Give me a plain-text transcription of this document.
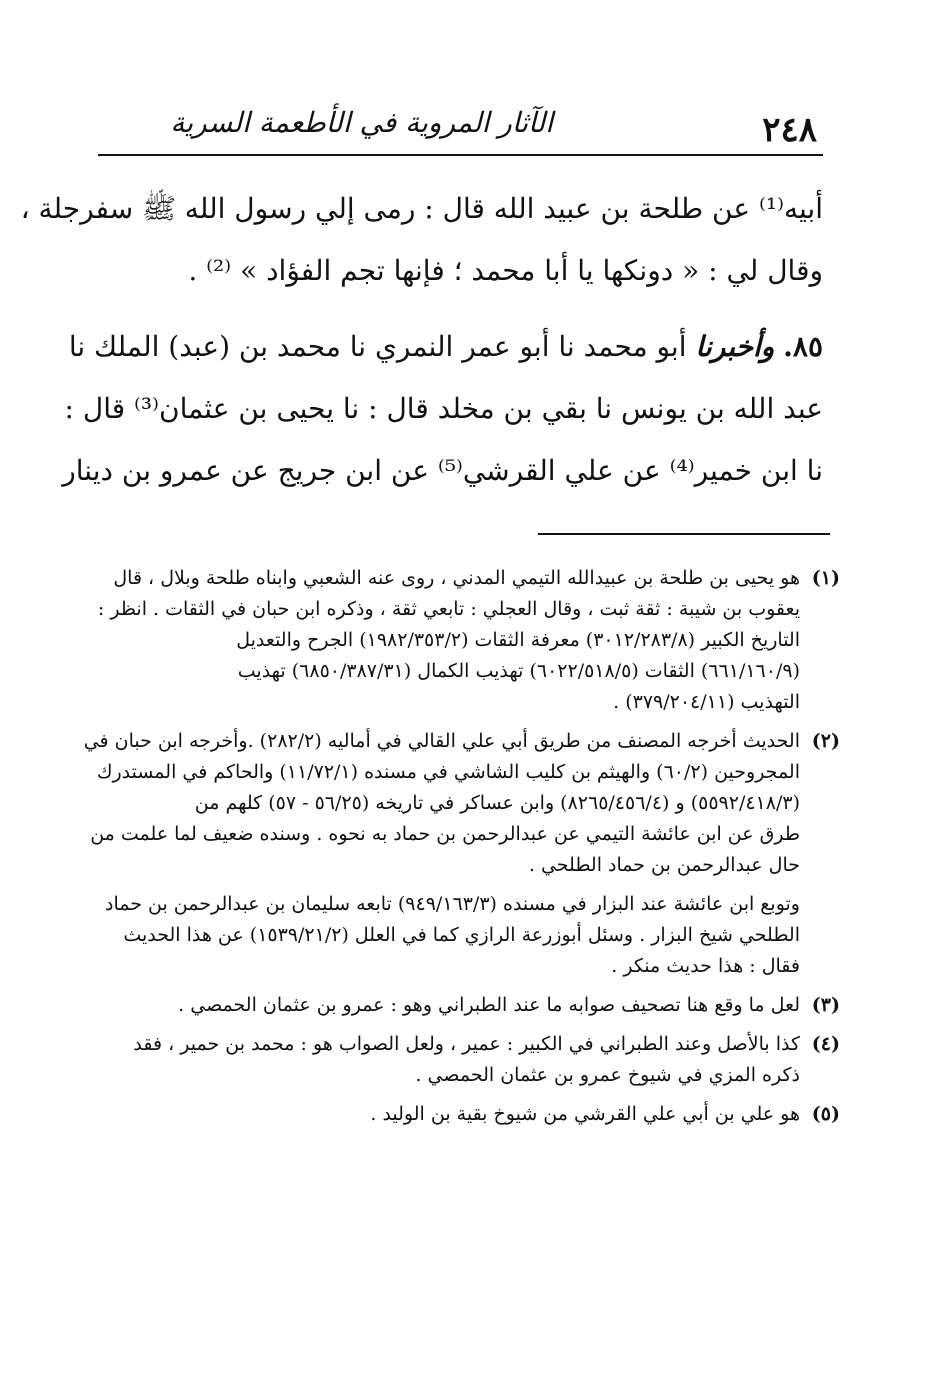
٢٤٨
الآثار المروية في الأطعمة السرية
أبيه⁽¹⁾ عن طلحة بن عبيد الله قال : رمى إلي رسول الله ﷺ سفرجلة ،
وقال لي : « دونكها يا أبا محمد ؛ فإنها تجم الفؤاد » ⁽²⁾ .
٨٥. وأخبرنا أبو محمد نا أبو عمر النمري نا محمد بن (عبد) الملك نا
عبد الله بن يونس نا بقي بن مخلد قال : نا يحيى بن عثمان⁽³⁾ قال :
نا ابن خمير⁽⁴⁾ عن علي القرشي⁽⁵⁾ عن ابن جريج عن عمرو بن دينار
(١)
هو يحيى بن طلحة بن عبيدالله التيمي المدني ، روى عنه الشعبي وابناه طلحة وبلال ، قال
يعقوب بن شيبة : ثقة ثبت ، وقال العجلي : تابعي ثقة ، وذكره ابن حبان في الثقات . انظر :
التاريخ الكبير (٣٠١٢/٢٨٣/٨) معرفة الثقات (١٩٨٢/٣٥٣/٢) الجرح والتعديل
(٦٦١/١٦٠/٩) الثقات (٦٠٢٢/٥١٨/٥) تهذيب الكمال (٦٨٥٠/٣٨٧/٣١) تهذيب
التهذيب (٣٧٩/٢٠٤/١١) .
(٢)
الحديث أخرجه المصنف من طريق أبي علي القالي في أماليه (٢٨٢/٢) .وأخرجه ابن حبان في
المجروحين (٦٠/٢) والهيثم بن كليب الشاشي في مسنده (١١/٧٢/١) والحاكم في المستدرك
(٥٥٩٢/٤١٨/٣) و (٨٢٦٥/٤٥٦/٤) وابن عساكر في تاريخه (٥٦/٢٥ - ٥٧) كلهم من
طرق عن ابن عائشة التيمي عن عبدالرحمن بن حماد به نحوه . وسنده ضعيف لما علمت من
حال عبدالرحمن بن حماد الطلحي .
وتوبع ابن عائشة عند البزار في مسنده (٩٤٩/١٦٣/٣) تابعه سليمان بن عبدالرحمن بن حماد
الطلحي شيخ البزار . وسئل أبوزرعة الرازي كما في العلل (١٥٣٩/٢١/٢) عن هذا الحديث
فقال : هذا حديث منكر .
(٣)
لعل ما وقع هنا تصحيف صوابه ما عند الطبراني وهو : عمرو بن عثمان الحمصي .
(٤)
كذا بالأصل وعند الطبراني في الكبير : عمير ، ولعل الصواب هو : محمد بن حمير ، فقد
ذكره المزي في شيوخ عمرو بن عثمان الحمصي .
(٥)
هو علي بن أبي علي القرشي من شيوخ بقية بن الوليد .
